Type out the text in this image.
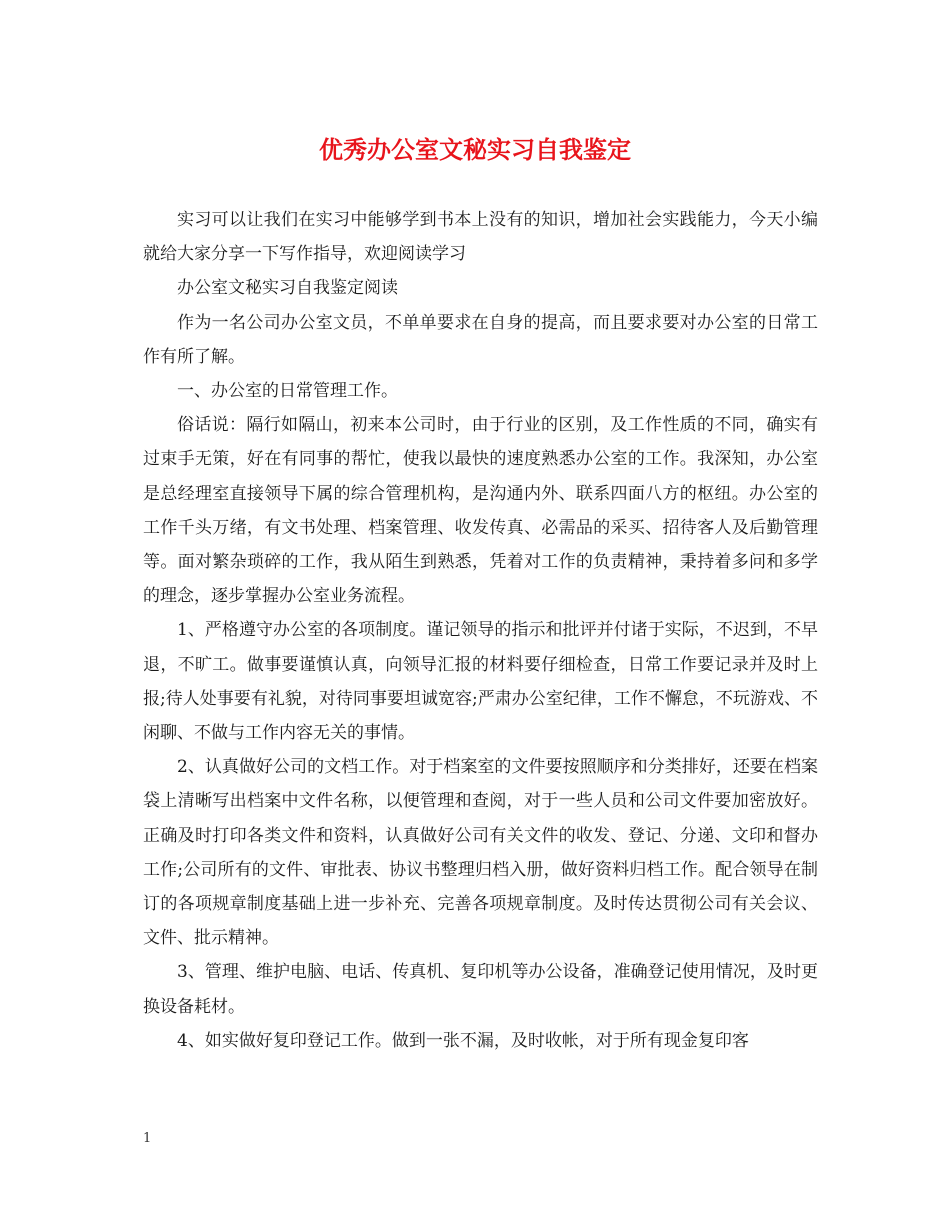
优秀办公室文秘实习自我鉴定

实习可以让我们在实习中能够学到书本上没有的知识，增加社会实践能力，今天小编就给大家分享一下写作指导，欢迎阅读学习

办公室文秘实习自我鉴定阅读

作为一名公司办公室文员，不单单要求在自身的提高，而且要求要对办公室的日常工作有所了解。

一、办公室的日常管理工作。

俗话说：隔行如隔山，初来本公司时，由于行业的区别，及工作性质的不同，确实有过束手无策，好在有同事的帮忙，使我以最快的速度熟悉办公室的工作。我深知，办公室是总经理室直接领导下属的综合管理机构，是沟通内外、联系四面八方的枢纽。办公室的工作千头万绪，有文书处理、档案管理、收发传真、必需品的采买、招待客人及后勤管理等。面对繁杂琐碎的工作，我从陌生到熟悉，凭着对工作的负责精神，秉持着多问和多学的理念，逐步掌握办公室业务流程。

1、严格遵守办公室的各项制度。谨记领导的指示和批评并付诸于实际，不迟到，不早退，不旷工。做事要谨慎认真，向领导汇报的材料要仔细检查，日常工作要记录并及时上报;待人处事要有礼貌，对待同事要坦诚宽容;严肃办公室纪律，工作不懈怠，不玩游戏、不闲聊、不做与工作内容无关的事情。

2、认真做好公司的文档工作。对于档案室的文件要按照顺序和分类排好，还要在档案袋上清晰写出档案中文件名称，以便管理和查阅，对于一些人员和公司文件要加密放好。正确及时打印各类文件和资料，认真做好公司有关文件的收发、登记、分递、文印和督办工作;公司所有的文件、审批表、协议书整理归档入册，做好资料归档工作。配合领导在制订的各项规章制度基础上进一步补充、完善各项规章制度。及时传达贯彻公司有关会议、文件、批示精神。

3、管理、维护电脑、电话、传真机、复印机等办公设备，准确登记使用情况，及时更换设备耗材。

4、如实做好复印登记工作。做到一张不漏，及时收帐，对于所有现金复印客

1
